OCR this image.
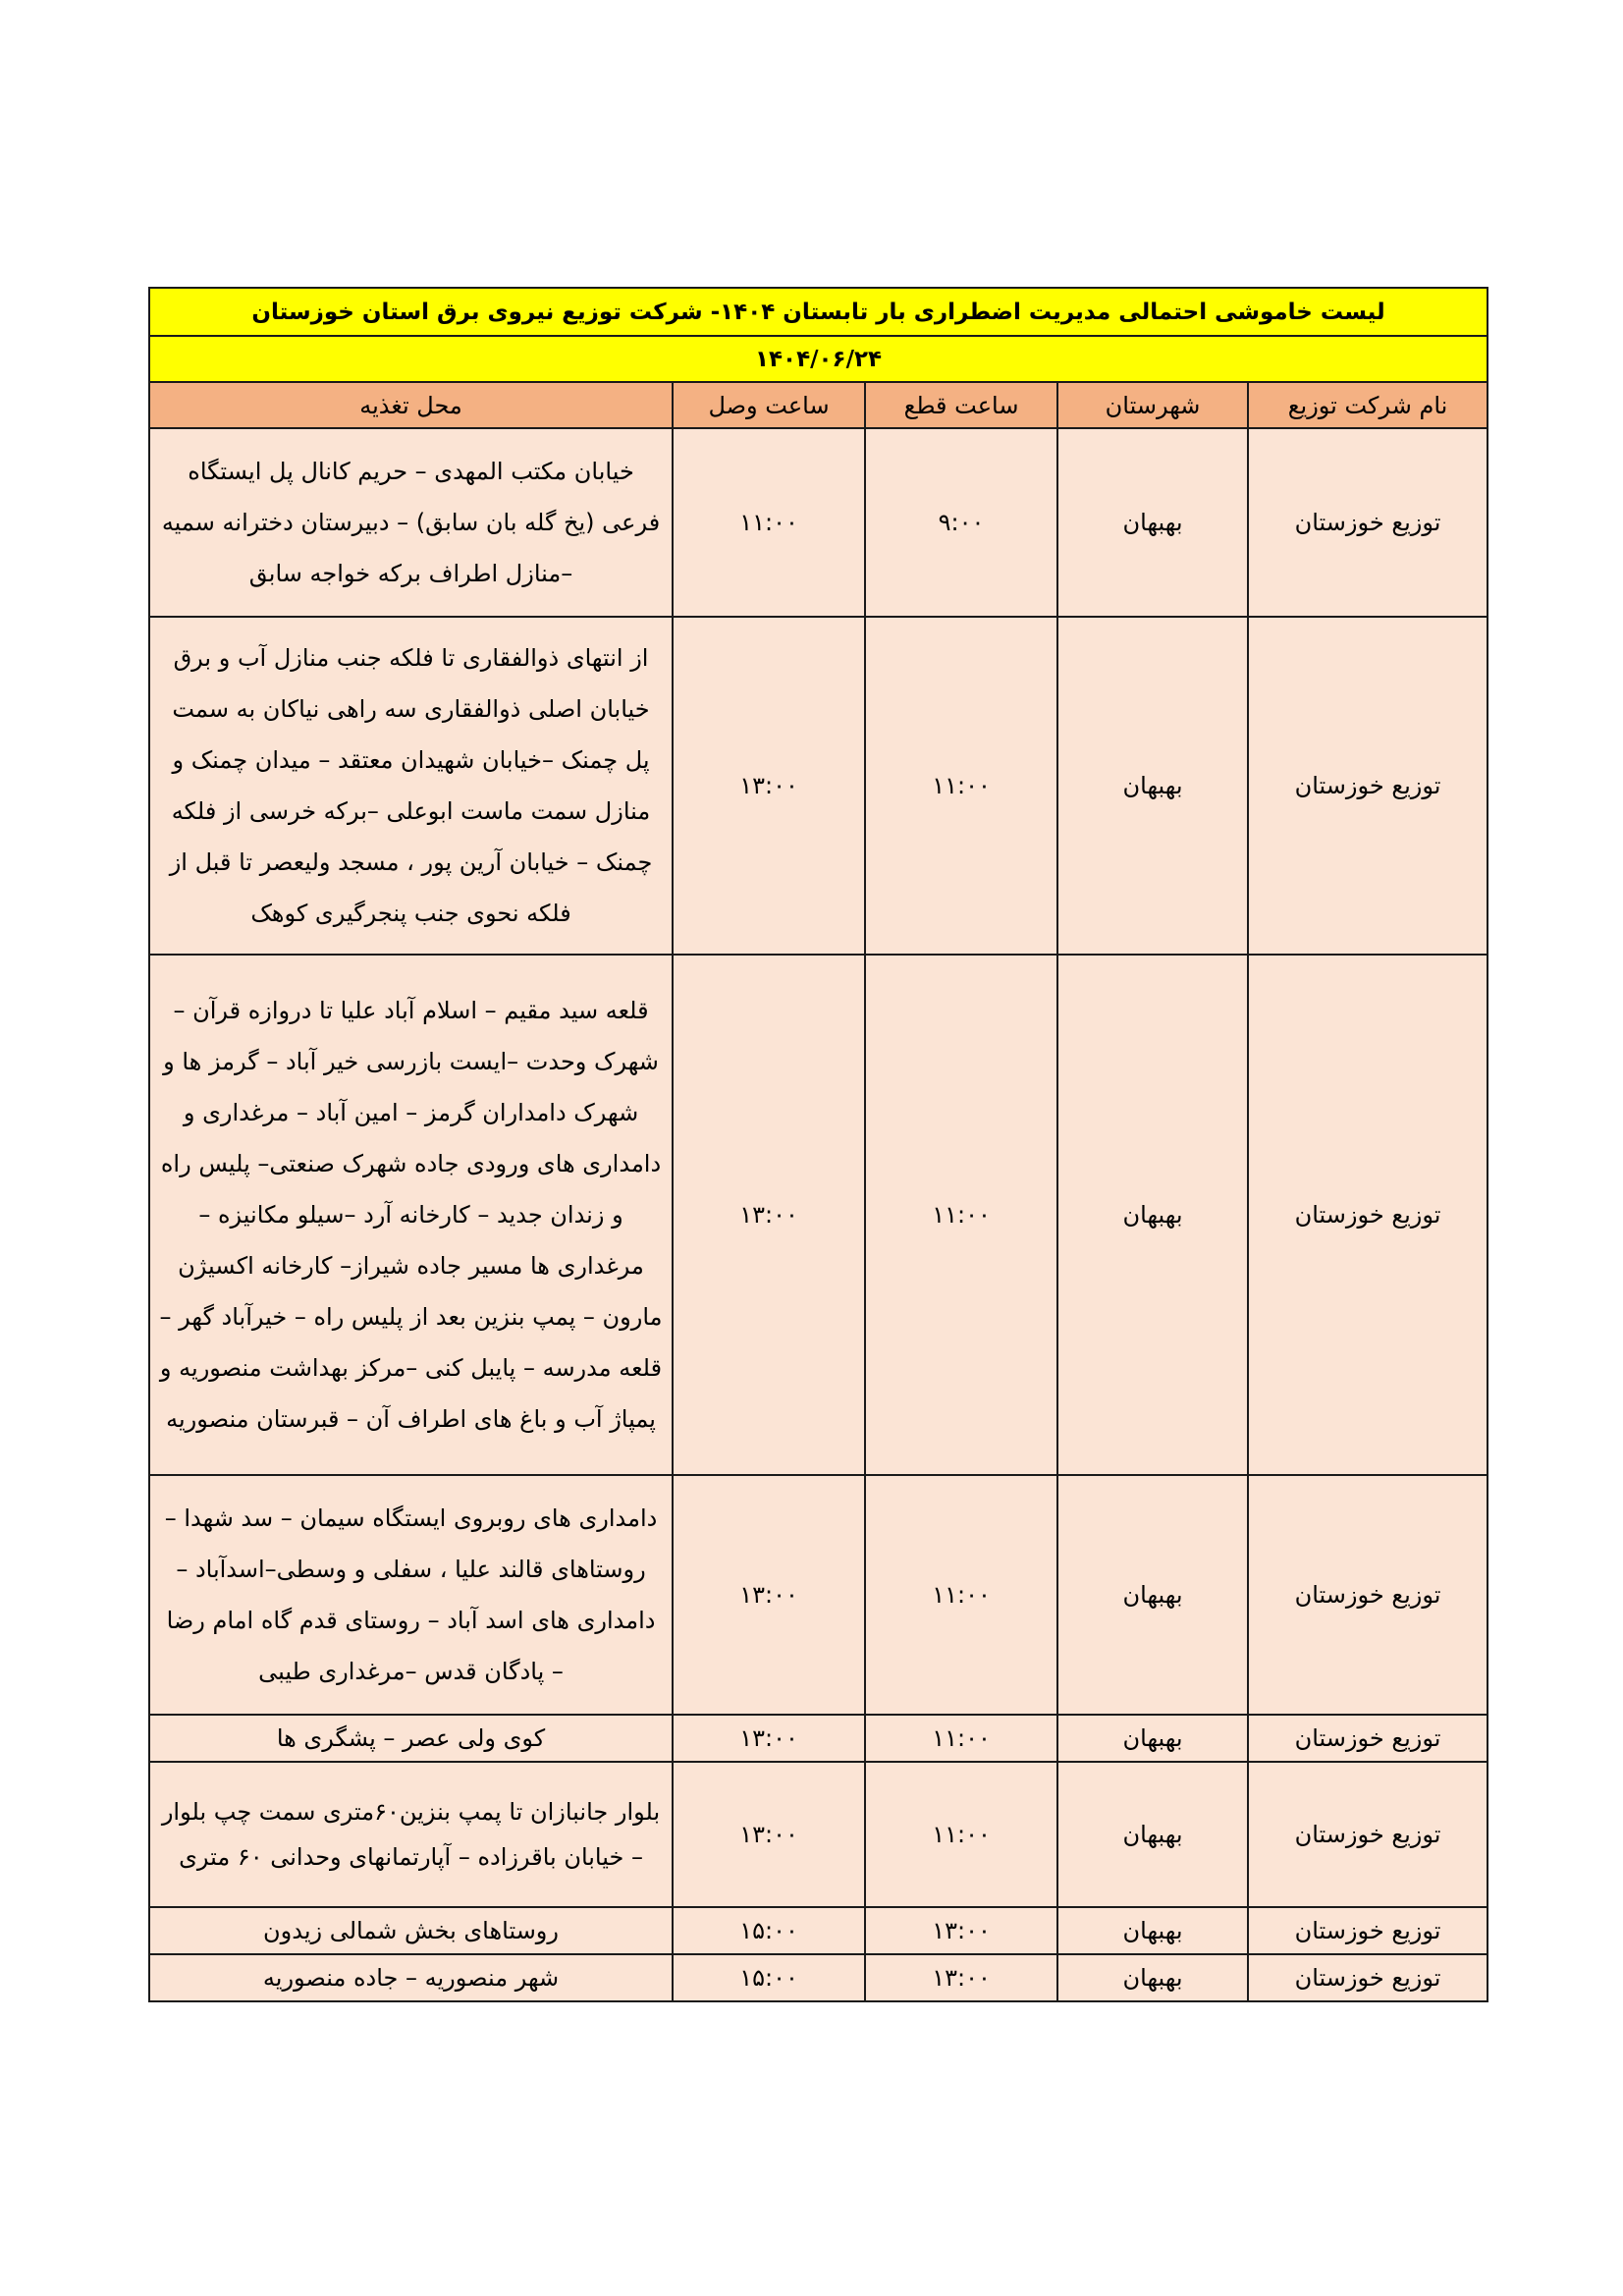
لیست خاموشی احتمالی مدیریت اضطراری بار تابستان ۱۴۰۴- شرکت توزیع نیروی برق استان خوزستان				
۱۴۰۴/۰۶/۲۴				
نام شرکت توزیع	شهرستان	ساعت قطع	ساعت وصل	محل تغذیه
توزیع خوزستان	بهبهان	۹:۰۰	۱۱:۰۰	خیابان مکتب المهدی – حریم کانال پل ایستگاه فرعی (یخ گله بان سابق) – دبیرستان دخترانه سمیه –منازل اطراف برکه خواجه سابق
توزیع خوزستان	بهبهان	۱۱:۰۰	۱۳:۰۰	از انتهای ذوالفقاری تا فلکه جنب منازل آب و برق خیابان اصلی ذوالفقاری سه راهی نیاکان به سمت پل چمنک –خیابان شهیدان معتقد – میدان چمنک و منازل سمت ماست ابوعلی –برکه خرسی از فلکه چمنک – خیابان آرین پور ، مسجد ولیعصر تا قبل از فلکه نحوی جنب پنجرگیری کوهک
توزیع خوزستان	بهبهان	۱۱:۰۰	۱۳:۰۰	قلعه سید مقیم – اسلام آباد علیا تا دروازه قرآن – شهرک وحدت –ایست بازرسی خیر آباد – گرمز ها و شهرک دامداران گرمز – امین آباد – مرغداری و دامداری های ورودی جاده شهرک صنعتی– پلیس راه و زندان جدید – کارخانه آرد –سیلو مکانیزه –مرغداری ها مسیر جاده شیراز– کارخانه اکسیژن مارون – پمپ بنزین بعد از پلیس راه – خیرآباد گهر – قلعه مدرسه – پایبل کنی –مرکز بهداشت منصوریه و پمپاژ آب و باغ های اطراف آن – قبرستان منصوریه
توزیع خوزستان	بهبهان	۱۱:۰۰	۱۳:۰۰	دامداری های روبروی ایستگاه سیمان – سد شهدا –روستاهای قالند علیا ، سفلی و وسطی–اسدآباد – دامداری های اسد آباد – روستای قدم گاه امام رضا – پادگان قدس –مرغداری طیبی
توزیع خوزستان	بهبهان	۱۱:۰۰	۱۳:۰۰	کوی ولی عصر – پشگری ها
توزیع خوزستان	بهبهان	۱۱:۰۰	۱۳:۰۰	بلوار جانبازان تا پمپ بنزین۶۰متری سمت چپ بلوار – خیابان باقرزاده – آپارتمانهای وحدانی ۶۰ متری
توزیع خوزستان	بهبهان	۱۳:۰۰	۱۵:۰۰	روستاهای بخش شمالی زیدون
توزیع خوزستان	بهبهان	۱۳:۰۰	۱۵:۰۰	شهر منصوریه – جاده منصوریه
